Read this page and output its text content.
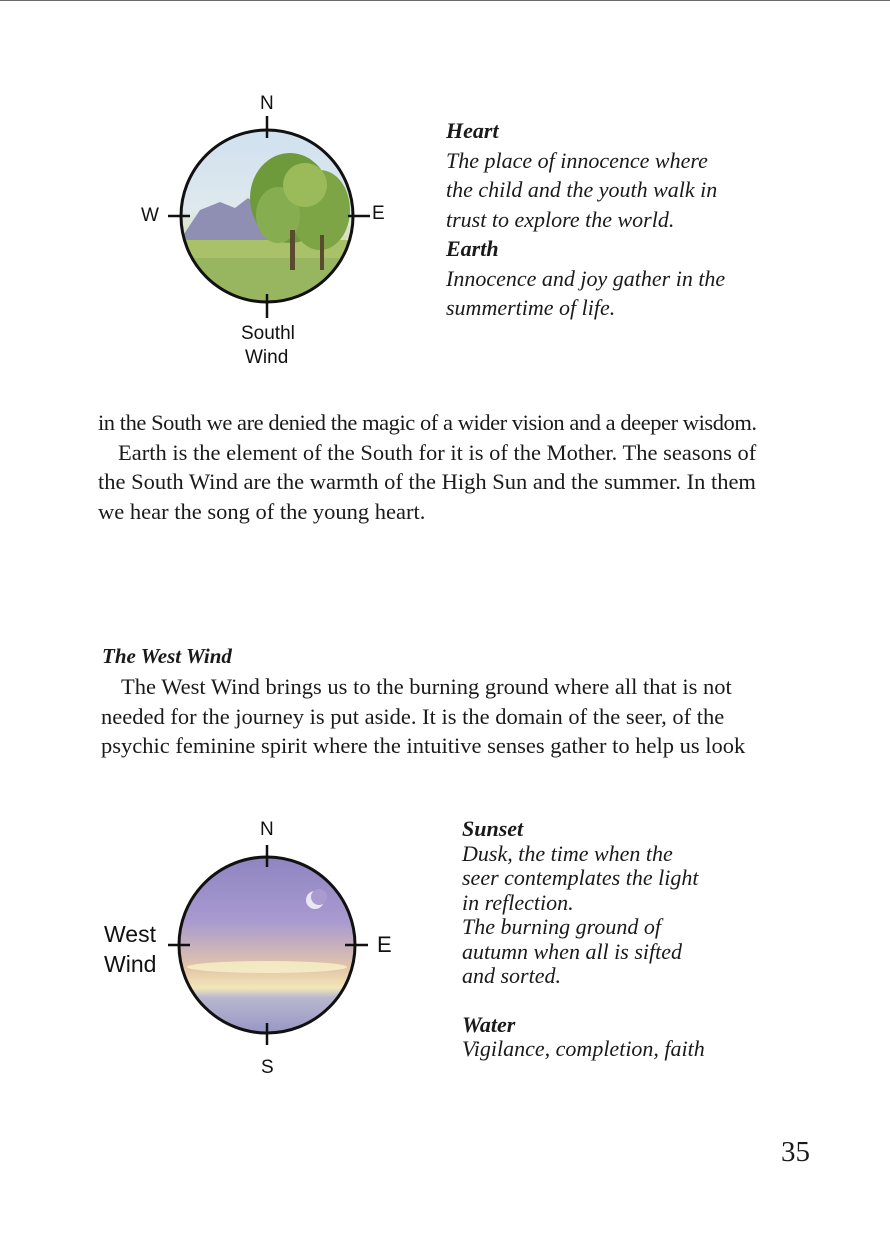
N
W	E
Southl
Wind
Heart
The place of innocence where
the child and the youth walk in
trust to explore the world.
Earth
Innocence and joy gather in the
summertime of life.
in the South we are denied the magic of a wider vision and a deeper wisdom.
Earth is the element of the South for it is of the Mother. The seasons of
the South Wind are the warmth of the High Sun and the summer. In them
we hear the song of the young heart.
The West Wind
The West Wind brings us to the burning ground where all that is not
needed for the journey is put aside. It is the domain of the seer, of the
psychic feminine spirit where the intuitive senses gather to help us look
N
E
S
West
Wind
Sunset
Dusk, the time when the
seer contemplates the light
in reflection.
The burning ground of
autumn when all is sifted
and sorted.
Water
Vigilance, completion, faith
35
